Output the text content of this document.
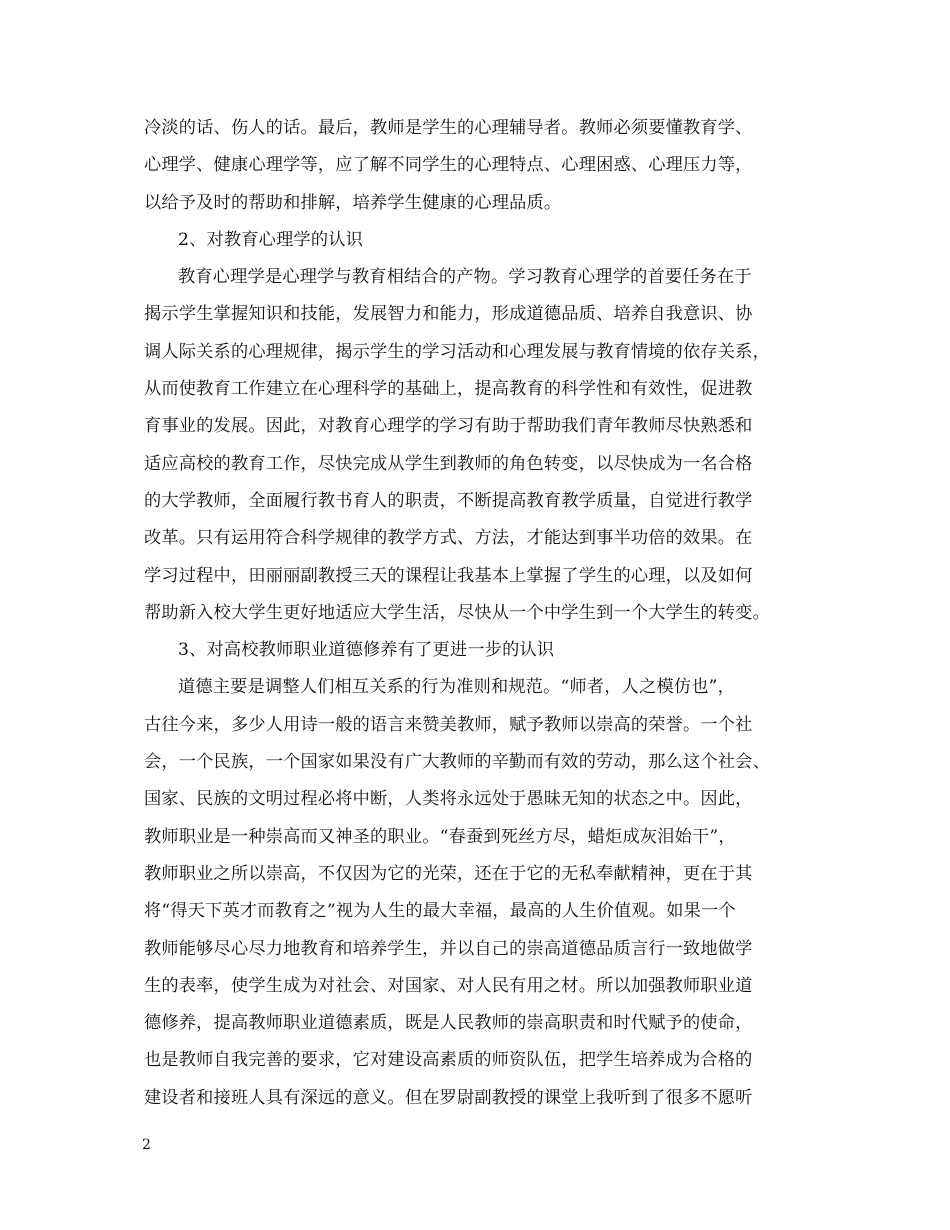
冷淡的话、伤人的话。最后，教师是学生的心理辅导者。教师必须要懂教育学、
心理学、健康心理学等，应了解不同学生的心理特点、心理困惑、心理压力等，
以给予及时的帮助和排解，培养学生健康的心理品质。
2、对教育心理学的认识
教育心理学是心理学与教育相结合的产物。学习教育心理学的首要任务在于
揭示学生掌握知识和技能，发展智力和能力，形成道德品质、培养自我意识、协
调人际关系的心理规律，揭示学生的学习活动和心理发展与教育情境的依存关系，
从而使教育工作建立在心理科学的基础上，提高教育的科学性和有效性，促进教
育事业的发展。因此，对教育心理学的学习有助于帮助我们青年教师尽快熟悉和
适应高校的教育工作，尽快完成从学生到教师的角色转变，以尽快成为一名合格
的大学教师，全面履行教书育人的职责，不断提高教育教学质量，自觉进行教学
改革。只有运用符合科学规律的教学方式、方法，才能达到事半功倍的效果。在
学习过程中，田丽丽副教授三天的课程让我基本上掌握了学生的心理，以及如何
帮助新入校大学生更好地适应大学生活，尽快从一个中学生到一个大学生的转变。
3、对高校教师职业道德修养有了更进一步的认识
道德主要是调整人们相互关系的行为准则和规范。“师者，人之模仿也”，
古往今来，多少人用诗一般的语言来赞美教师，赋予教师以崇高的荣誉。一个社
会，一个民族，一个国家如果没有广大教师的辛勤而有效的劳动，那么这个社会、
国家、民族的文明过程必将中断，人类将永远处于愚昧无知的状态之中。因此，
教师职业是一种崇高而又神圣的职业。“春蚕到死丝方尽，蜡炬成灰泪始干”，
教师职业之所以崇高，不仅因为它的光荣，还在于它的无私奉献精神，更在于其
将“得天下英才而教育之”视为人生的最大幸福，最高的人生价值观。如果一个
教师能够尽心尽力地教育和培养学生，并以自己的崇高道德品质言行一致地做学
生的表率，使学生成为对社会、对国家、对人民有用之材。所以加强教师职业道
德修养，提高教师职业道德素质，既是人民教师的崇高职责和时代赋予的使命，
也是教师自我完善的要求，它对建设高素质的师资队伍，把学生培养成为合格的
建设者和接班人具有深远的意义。但在罗尉副教授的课堂上我听到了很多不愿听
2
